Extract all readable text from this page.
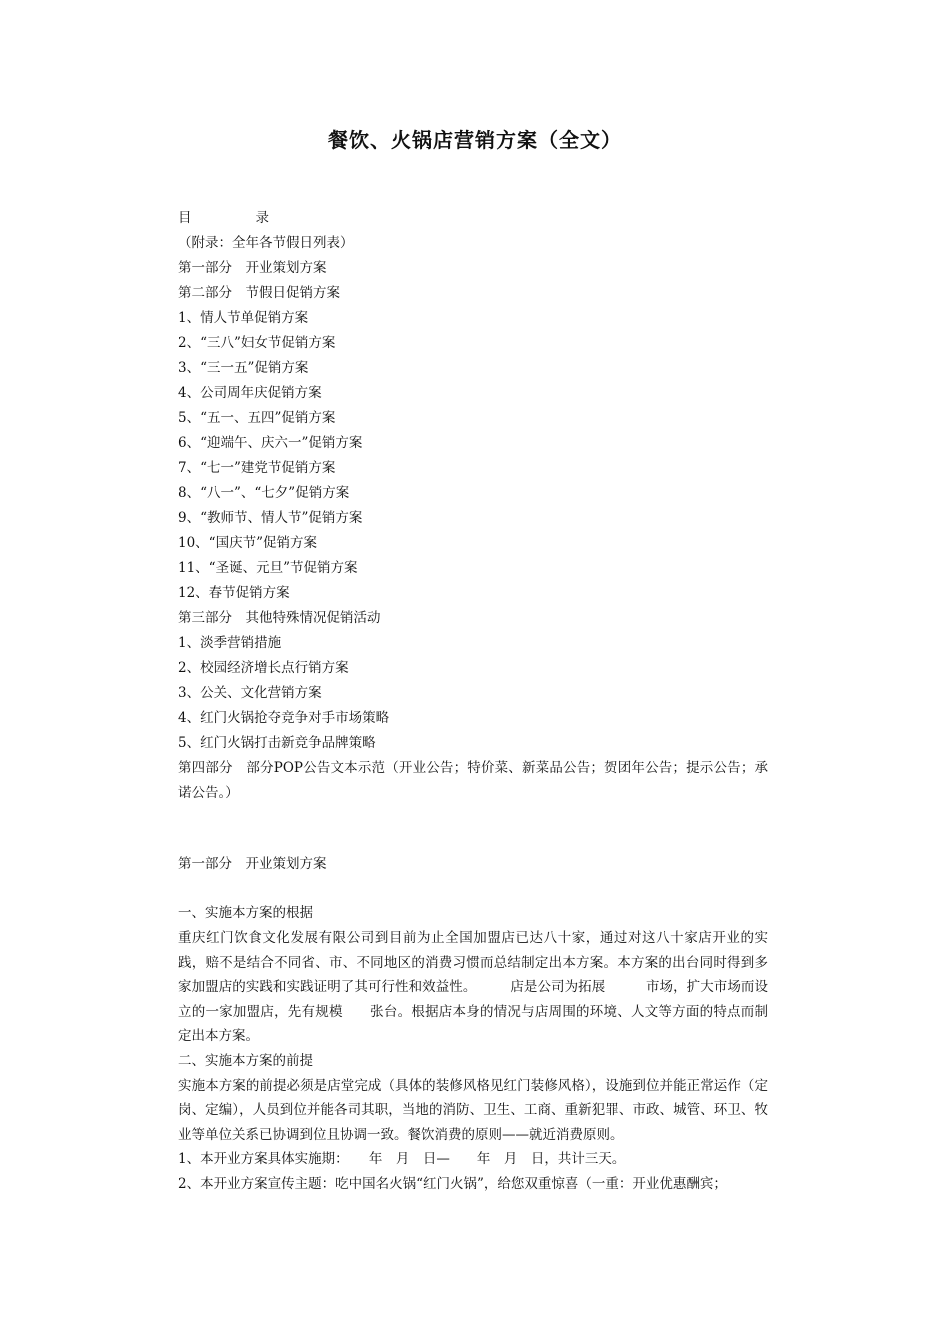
餐饮、火锅店营销方案（全文）
目	录
（附录：全年各节假日列表）
第一部分　开业策划方案
第二部分　节假日促销方案
1、情人节单促销方案
2、“三八”妇女节促销方案
3、“三一五”促销方案
4、公司周年庆促销方案
5、“五一、五四”促销方案
6、“迎端午、庆六一”促销方案
7、“七一”建党节促销方案
8、“八一”、“七夕”促销方案
9、“教师节、情人节”促销方案
10、“国庆节”促销方案
11、“圣诞、元旦”节促销方案
12、春节促销方案
第三部分　其他特殊情况促销活动
1、淡季营销措施
2、校园经济增长点行销方案
3、公关、文化营销方案
4、红门火锅抢夺竞争对手市场策略
5、红门火锅打击新竞争品牌策略
第四部分　部分POP公告文本示范（开业公告；特价菜、新菜品公告；贺团年公告；提示公告；承诺公告。）
第一部分　开业策划方案
一、实施本方案的根据
重庆红门饮食文化发展有限公司到目前为止全国加盟店已达八十家，通过对这八十家店开业的实践，赔不是结合不同省、市、不同地区的消费习惯而总结制定出本方案。本方案的出台同时得到多家加盟店的实践和实践证明了其可行性和效益性。　　　店是公司为拓展　　　市场，扩大市场而设立的一家加盟店，先有规模　　张台。根据店本身的情况与店周围的环境、人文等方面的特点而制定出本方案。
二、实施本方案的前提
实施本方案的前提必须是店堂完成（具体的装修风格见红门装修风格），设施到位并能正常运作（定岗、定编），人员到位并能各司其职，当地的消防、卫生、工商、重新犯罪、市政、城管、环卫、牧业等单位关系已协调到位且协调一致。餐饮消费的原则——就近消费原则。
1、本开业方案具体实施期：　　年　月　日—　　年　月　日，共计三天。
2、本开业方案宣传主题：吃中国名火锅“红门火锅”，给您双重惊喜（一重：开业优惠酬宾；
